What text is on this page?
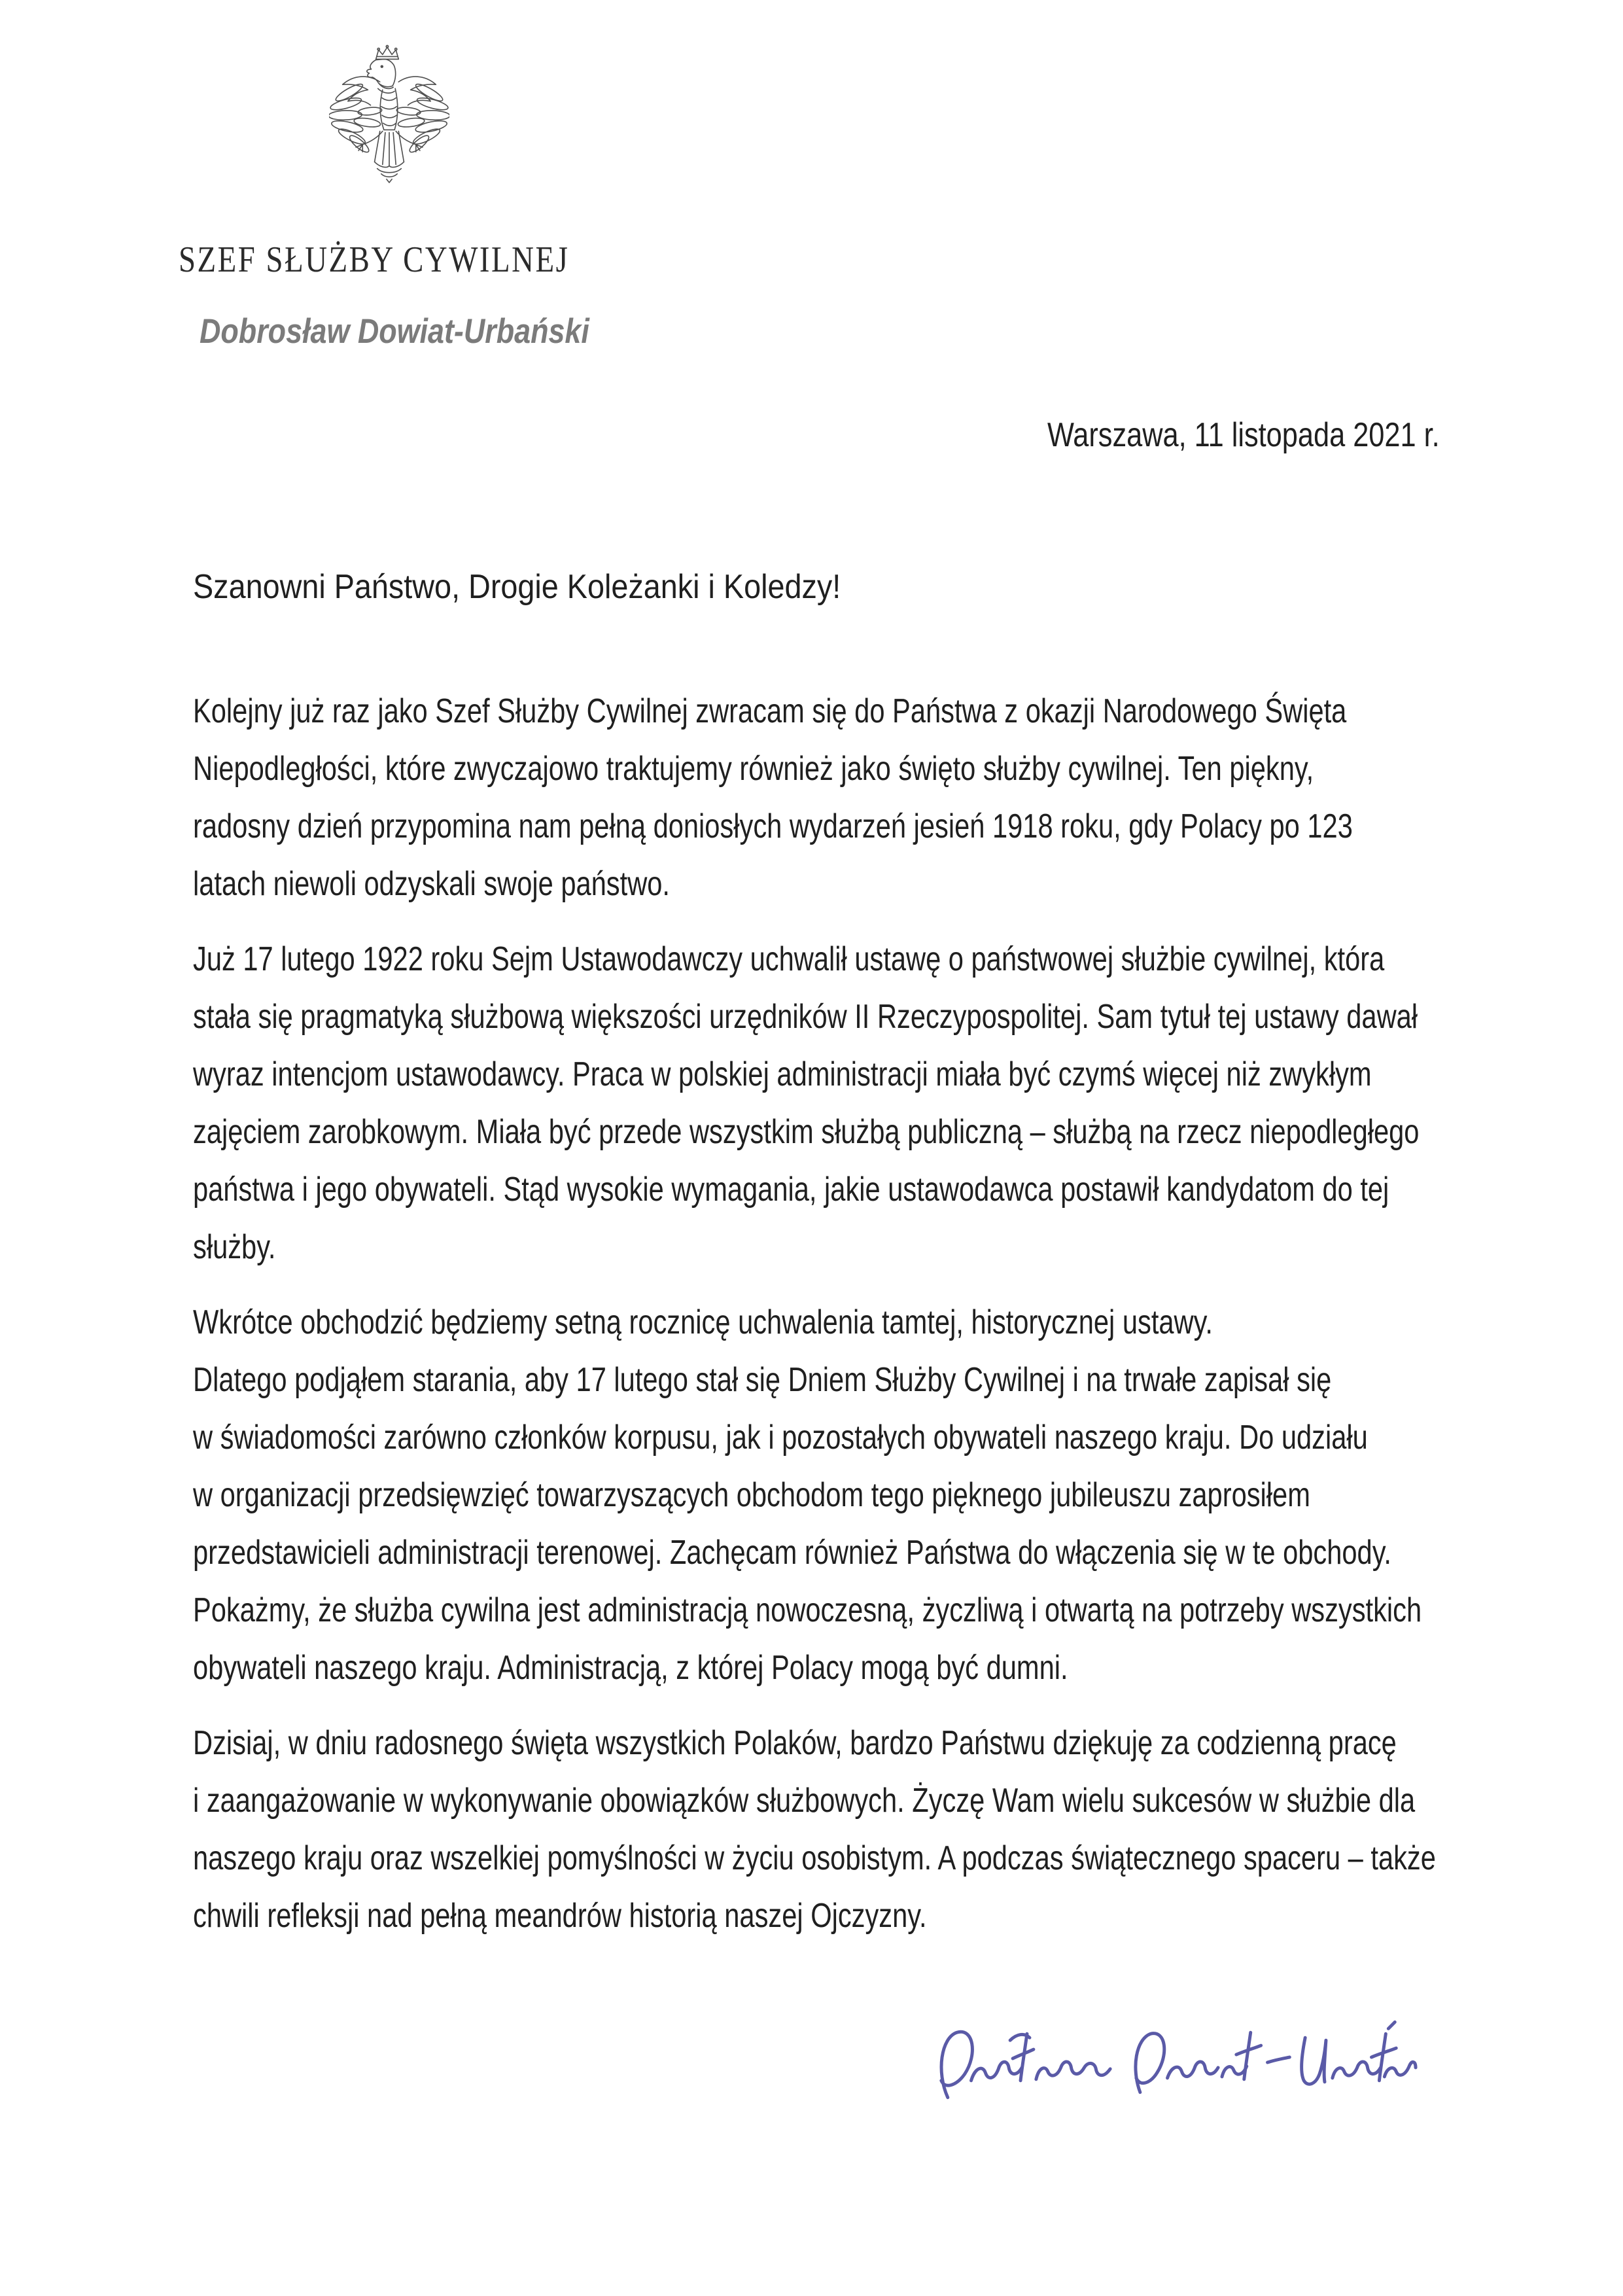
SZEF SŁUŻBY CYWILNEJ
Dobrosław Dowiat-Urbański
Warszawa, 11 listopada 2021 r.
Szanowni Państwo, Drogie Koleżanki i Koledzy!
Kolejny już raz jako Szef Służby Cywilnej zwracam się do Państwa z okazji Narodowego Święta
Niepodległości, które zwyczajowo traktujemy również jako święto służby cywilnej. Ten piękny,
radosny dzień przypomina nam pełną doniosłych wydarzeń jesień 1918 roku, gdy Polacy po 123
latach niewoli odzyskali swoje państwo.
Już 17 lutego 1922 roku Sejm Ustawodawczy uchwalił ustawę o państwowej służbie cywilnej, która
stała się pragmatyką służbową większości urzędników II Rzeczypospolitej. Sam tytuł tej ustawy dawał
wyraz intencjom ustawodawcy. Praca w polskiej administracji miała być czymś więcej niż zwykłym
zajęciem zarobkowym. Miała być przede wszystkim służbą publiczną – służbą na rzecz niepodległego
państwa i jego obywateli. Stąd wysokie wymagania, jakie ustawodawca postawił kandydatom do tej
służby.
Wkrótce obchodzić będziemy setną rocznicę uchwalenia tamtej, historycznej ustawy.
Dlatego podjąłem starania, aby 17 lutego stał się Dniem Służby Cywilnej i na trwałe zapisał się
w świadomości zarówno członków korpusu, jak i pozostałych obywateli naszego kraju. Do udziału
w organizacji przedsięwzięć towarzyszących obchodom tego pięknego jubileuszu zaprosiłem
przedstawicieli administracji terenowej. Zachęcam również Państwa do włączenia się w te obchody.
Pokażmy, że służba cywilna jest administracją nowoczesną, życzliwą i otwartą na potrzeby wszystkich
obywateli naszego kraju. Administracją, z której Polacy mogą być dumni.
Dzisiaj, w dniu radosnego święta wszystkich Polaków, bardzo Państwu dziękuję za codzienną pracę
i zaangażowanie w wykonywanie obowiązków służbowych. Życzę Wam wielu sukcesów w służbie dla
naszego kraju oraz wszelkiej pomyślności w życiu osobistym. A podczas świątecznego spaceru – także
chwili refleksji nad pełną meandrów historią naszej Ojczyzny.
